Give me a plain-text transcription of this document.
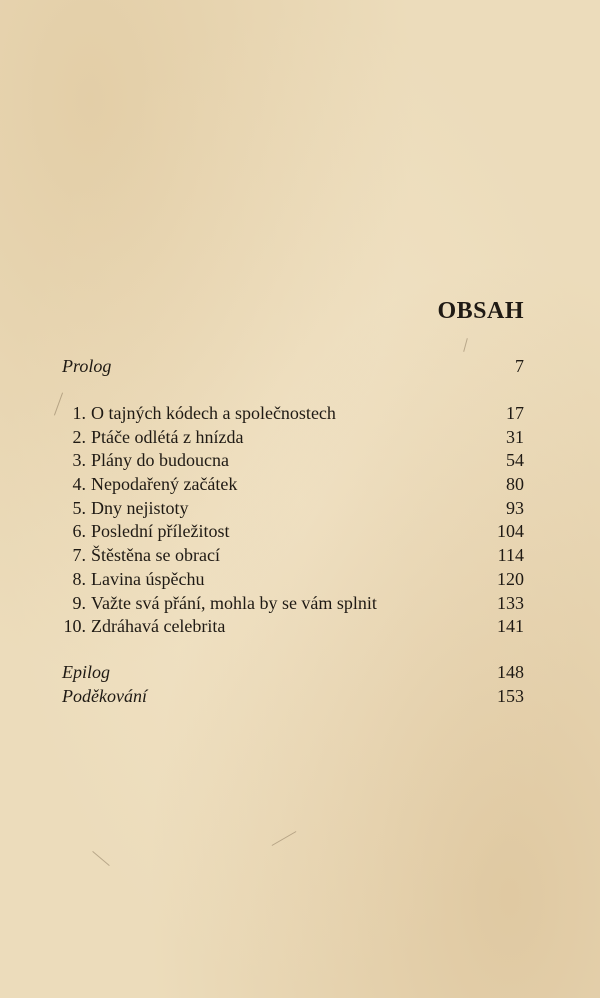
OBSAH
Prolog	7
1. O tajných kódech a společnostech	17
2. Ptáče odlétá z hnízda	31
3. Plány do budoucna	54
4. Nepodařený začátek	80
5. Dny nejistoty	93
6. Poslední příležitost	104
7. Štěstěna se obrací	114
8. Lavina úspěchu	120
9. Važte svá přání, mohla by se vám splnit	133
10. Zdráhavá celebrita	141
Epilog	148
Poděkování	153
